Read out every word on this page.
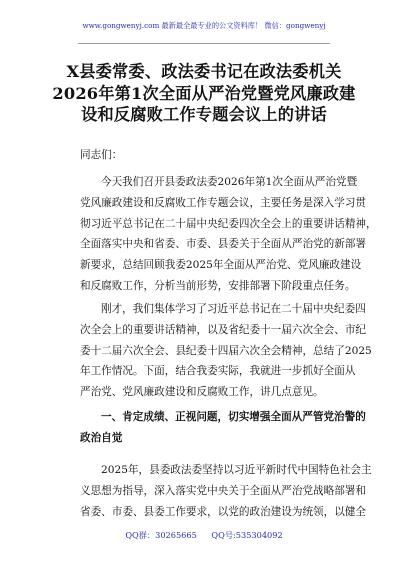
www.gongwenyj.com 最新最全最专业的公文资料库！ 微信：gongwenyj
X县委常委、政法委书记在政法委机关
2026年第1次全面从严治党暨党风廉政建
设和反腐败工作专题会议上的讲话
同志们：
今天我们召开县委政法委2026年第1次全面从严治党暨
党风廉政建设和反腐败工作专题会议，主要任务是深入学习贯
彻习近平总书记在二十届中央纪委四次全会上的重要讲话精神，
全面落实中央和省委、市委、县委关于全面从严治党的新部署
新要求，总结回顾我委2025年全面从严治党、党风廉政建设
和反腐败工作，分析当前形势，安排部署下阶段重点任务。
刚才，我们集体学习了习近平总书记在二十届中央纪委四
次全会上的重要讲话精神，以及省纪委十一届六次全会、市纪
委十二届六次全会、县纪委十四届六次全会精神，总结了2025
年工作情况。下面，结合我委实际，我就进一步抓好全面从
严治党、党风廉政建设和反腐败工作，讲几点意见。
一、肯定成绩、正视问题，切实增强全面从严管党治警的
政治自觉
2025年，县委政法委坚持以习近平新时代中国特色社会主
义思想为指导，深入落实党中央关于全面从严治党战略部署和
省委、市委、县委工作要求，以党的政治建设为统领，以健全
QQ群：30265665 QQ号:535304092
